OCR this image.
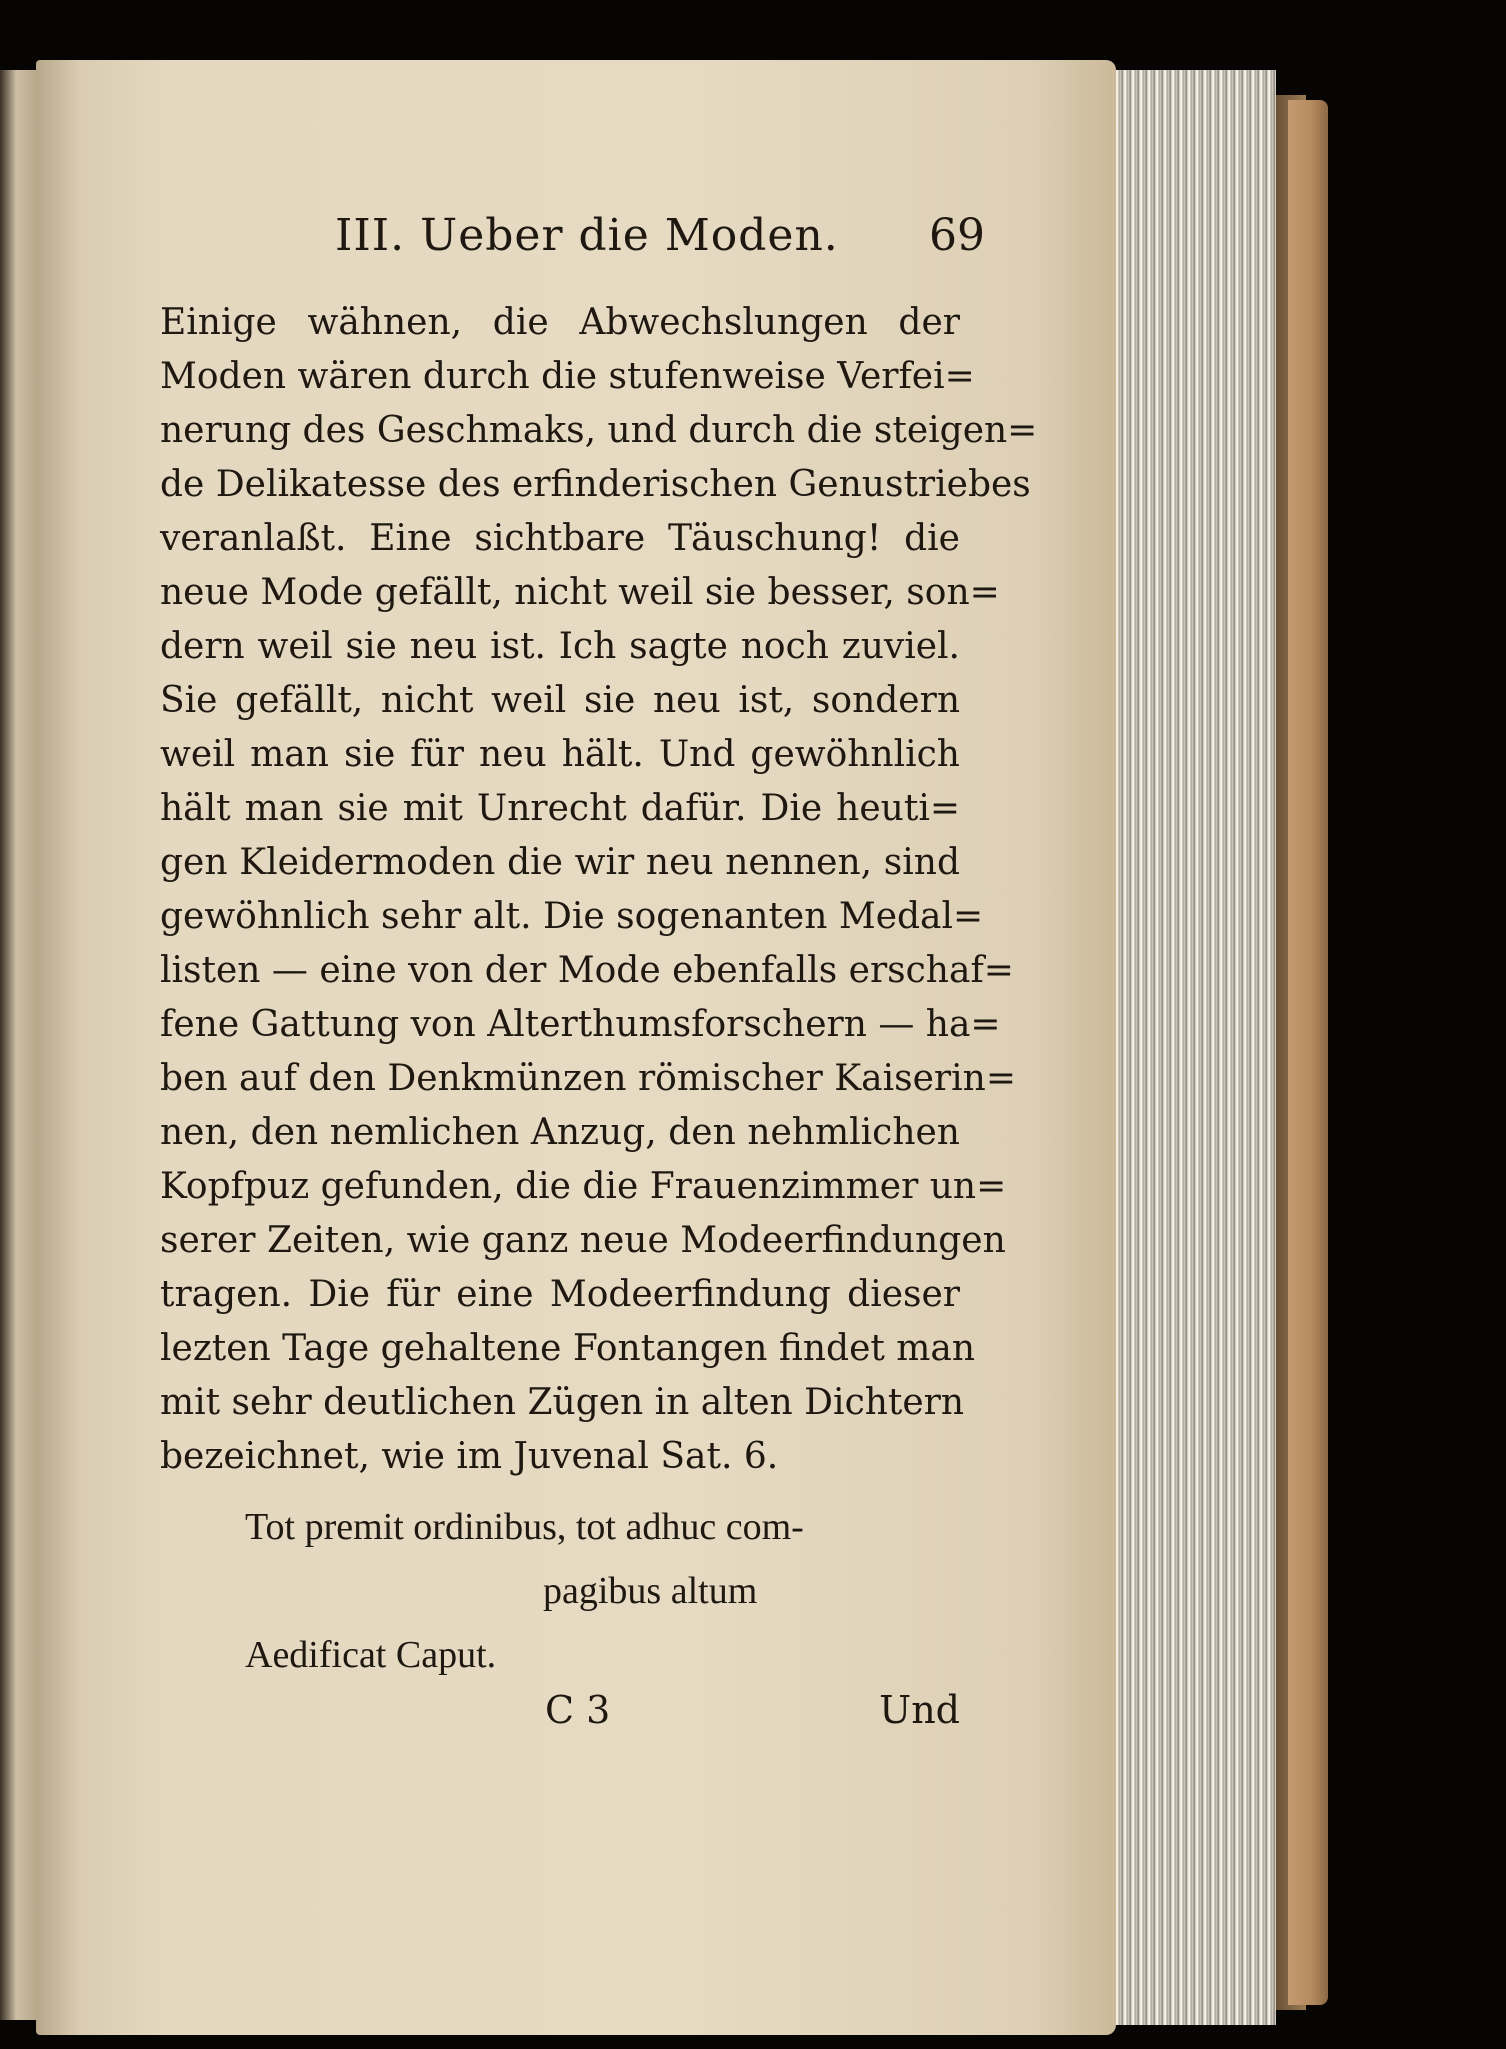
III. Ueber die Moden. 69
Einige wähnen, die Abwechslungen der
Moden wären durch die stufenweise Verfei=
nerung des Geschmaks, und durch die steigen=
de Delikatesse des erfinderischen Genustriebes
veranlaßt. Eine sichtbare Täuschung! die
neue Mode gefällt, nicht weil sie besser, son=
dern weil sie neu ist. Ich sagte noch zuviel.
Sie gefällt, nicht weil sie neu ist, sondern
weil man sie für neu hält. Und gewöhnlich
hält man sie mit Unrecht dafür. Die heuti=
gen Kleidermoden die wir neu nennen, sind
gewöhnlich sehr alt. Die sogenanten Medal=
listen — eine von der Mode ebenfalls erschaf=
fene Gattung von Alterthumsforschern — ha=
ben auf den Denkmünzen römischer Kaiserin=
nen, den nemlichen Anzug, den nehmlichen
Kopfpuz gefunden, die die Frauenzimmer un=
serer Zeiten, wie ganz neue Modeerfindungen
tragen. Die für eine Modeerfindung dieser
lezten Tage gehaltene Fontangen findet man
mit sehr deutlichen Zügen in alten Dichtern
bezeichnet, wie im Juvenal Sat. 6.
Tot premit ordinibus, tot adhuc com-
pagibus altum
Aedificat Caput.
C 3	Und
